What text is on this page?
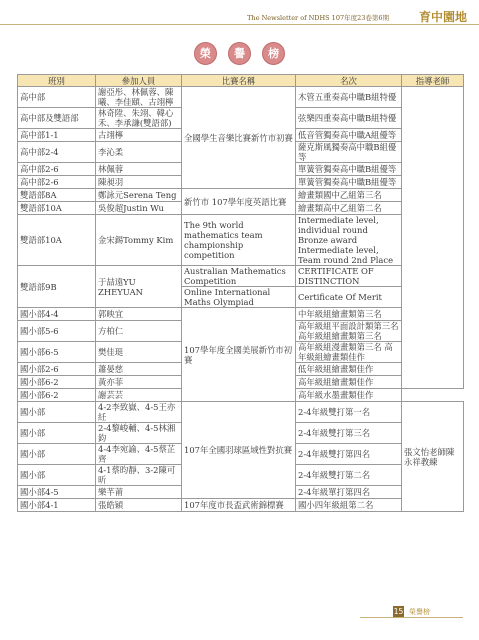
The Newsletter of NDHS 107年度23卷第6期 育中園地
榮 譽 榜
班別	參加人員	比賽名稱	名次	指導老師
高中部	謝亞彤、林佩蓉、陳曦、李佳頤、古翊檸	全國學生音樂比賽新竹市初賽	木管五重奏高中職B組特優	
高中部及雙語部	林奇陞、朱翊、韓心禾、李承謙(雙語部)		弦樂四重奏高中職B組特優	
高中部1-1	古翊檸		低音管獨奏高中職A組優等	
高中部2-4	李沁柔		薩克斯風獨奏高中職B組優等	
高中部2-6	林佩蓉		單簧管獨奏高中職B組優等	
高中部2-6	陳昶羽		單簧管獨奏高中職B組優等	
雙語部8A	鄭詠元Serena Teng	新竹市 107學年度英語比賽	繪畫類國中乙組第三名	
雙語部10A	吳俊超Justin Wu		繪畫類高中乙組第二名	
雙語部10A	金宋錫Tommy Kim	The 9th world mathematics team championship competition	Intermediate level, individual round Bronze award Intermediate level, Team round 2nd Place	
雙語部9B	于喆遠YU ZHEYUAN	Australian Mathematics Competition	CERTIFICATE OF DISTINCTION	
		Online International Maths Olympiad	Certificate Of Merit	
國小部4-4	郭映宜	107學年度全國美展新竹市初賽	中年級組繪畫類第三名	
國小部5-6	方柏仁		高年級組平面設計類第三名 高年級組繪畫類第三名	
國小部6-5	樊佳珽		高年級組漫畫類第三名 高年級組繪畫類佳作	
國小部2-6	蕭晏慈		低年級組繪畫類佳作	
國小部6-2	黃亦菲		高年級組繪畫類佳作	
國小部6-2	謝芸芸		高年級水墨畫類佳作	
國小部	4-2李致嶽、4-5王亦紝	107年全國羽球區域性對抗賽	2-4年級雙打第一名	張文怡老師陳永祥教練
國小部	2-4黎峻輔、4-5林湘鈞		2-4年級雙打第三名	
國小部	4-4李宛諭、4-5蔡芷齊		2-4年級雙打第四名	
國小部	4-1蔡昀靜、3-2陳可昕		2-4年級雙打第二名	
國小部4-5	樂芊莆		2-4年級單打第四名	
國小部4-1	張皓穎	107年度市長盃武術錦標賽	國小四年級組第二名	
15 榮譽榜
